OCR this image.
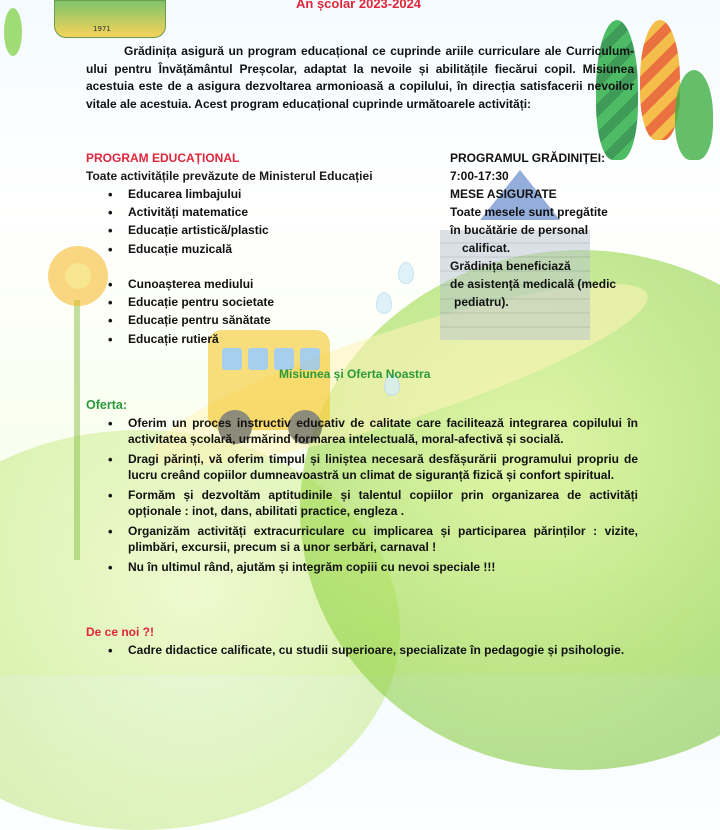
1971
An școlar 2023-2024

Grădinița asigură un program educațional ce cuprinde ariile curriculare ale Curriculum-ului pentru Învățământul Preșcolar, adaptat la nevoile și abilitățile fiecărui copil. Misiunea acestuia este de a asigura dezvoltarea armonioasă a copilului, în direcția satisfacerii nevoilor vitale ale acestuia. Acest program educațional cuprinde următoarele activități:

PROGRAM EDUCAȚIONAL

Toate activitățile prevăzute de Ministerul Educației

• Educarea limbajului
• Activități matematice
• Educație artistică/plastic
• Educație muzicală
• Cunoașterea mediului
• Educație pentru societate
• Educație pentru sănătate
• Educație rutieră

PROGRAMUL GRĂDINIȚEI:

7:00-17:30

MESE ASIGURATE

Toate mesele sunt pregătite

în bucătărie de personal

calificat.

Grădinița beneficiază

de asistență medicală (medic

pediatru).

Misiunea și Oferta Noastra

Oferta:

• Oferim un proces instructiv educativ de calitate care facilitează integrarea copilului în activitatea școlară, urmărind formarea intelectuală, moral-afectivă și socială.
• Dragi părinți, vă oferim timpul și liniștea necesară desfășurării programului propriu de lucru creând copiilor dumneavoastră un climat de siguranță fizică și confort spiritual.
• Formăm și dezvoltăm aptitudinile și talentul copiilor prin organizarea de activități opționale : inot, dans, abilitati practice, engleza .
• Organizăm activități extracurriculare cu implicarea și participarea părinților : vizite, plimbări, excursii, precum si a unor serbări, carnaval !
• Nu în ultimul rând, ajutăm și integrăm copiii cu nevoi speciale !!!

De ce noi ?!

• Cadre didactice calificate, cu studii superioare, specializate în pedagogie și psihologie.
